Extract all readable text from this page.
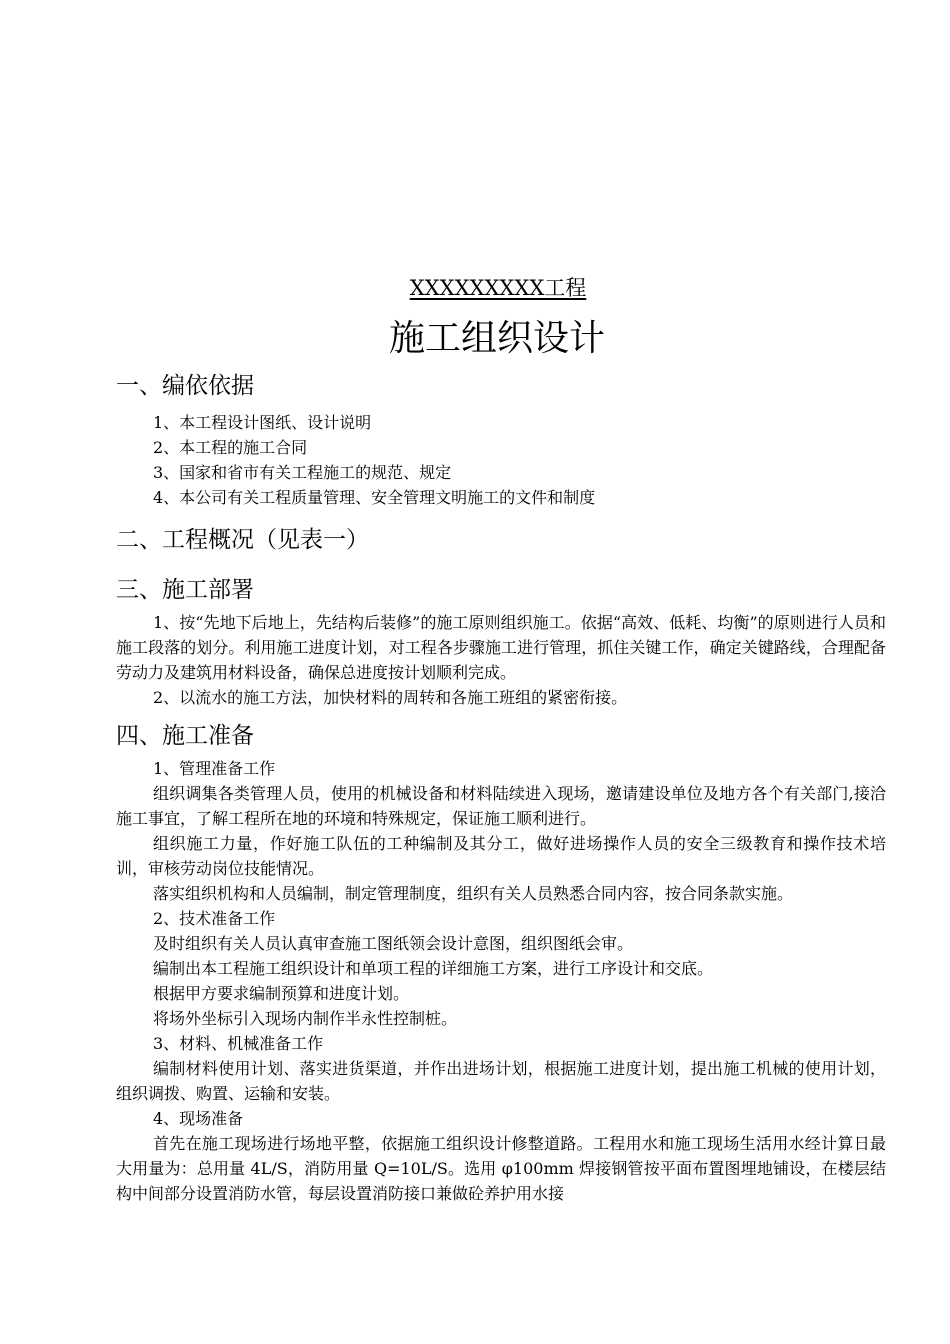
XXXXXXXXX工程
施工组织设计
一、编依依据
1、本工程设计图纸、设计说明
2、本工程的施工合同
3、国家和省市有关工程施工的规范、规定
4、本公司有关工程质量管理、安全管理文明施工的文件和制度
二、工程概况（见表一）
三、施工部署
1、按“先地下后地上，先结构后装修”的施工原则组织施工。依据“高效、低耗、均衡”的原则进行人员和施工段落的划分。利用施工进度计划，对工程各步骤施工进行管理，抓住关键工作，确定关键路线，合理配备劳动力及建筑用材料设备，确保总进度按计划顺利完成。
2、以流水的施工方法，加快材料的周转和各施工班组的紧密衔接。
四、施工准备
1、管理准备工作
组织调集各类管理人员，使用的机械设备和材料陆续进入现场，邀请建设单位及地方各个有关部门,接洽施工事宜，了解工程所在地的环境和特殊规定，保证施工顺利进行。
组织施工力量，作好施工队伍的工种编制及其分工，做好进场操作人员的安全三级教育和操作技术培训，审核劳动岗位技能情况。
落实组织机构和人员编制，制定管理制度，组织有关人员熟悉合同内容，按合同条款实施。
2、技术准备工作
及时组织有关人员认真审查施工图纸领会设计意图，组织图纸会审。
编制出本工程施工组织设计和单项工程的详细施工方案，进行工序设计和交底。
根据甲方要求编制预算和进度计划。
将场外坐标引入现场内制作半永性控制桩。
3、材料、机械准备工作
编制材料使用计划、落实进货渠道，并作出进场计划，根据施工进度计划，提出施工机械的使用计划，组织调拨、购置、运输和安装。
4、现场准备
首先在施工现场进行场地平整，依据施工组织设计修整道路。工程用水和施工现场生活用水经计算日最大用量为：总用量 4L/S，消防用量 Q=10L/S。选用 φ100mm 焊接钢管按平面布置图埋地铺设，在楼层结构中间部分设置消防水管，每层设置消防接口兼做砼养护用水接
